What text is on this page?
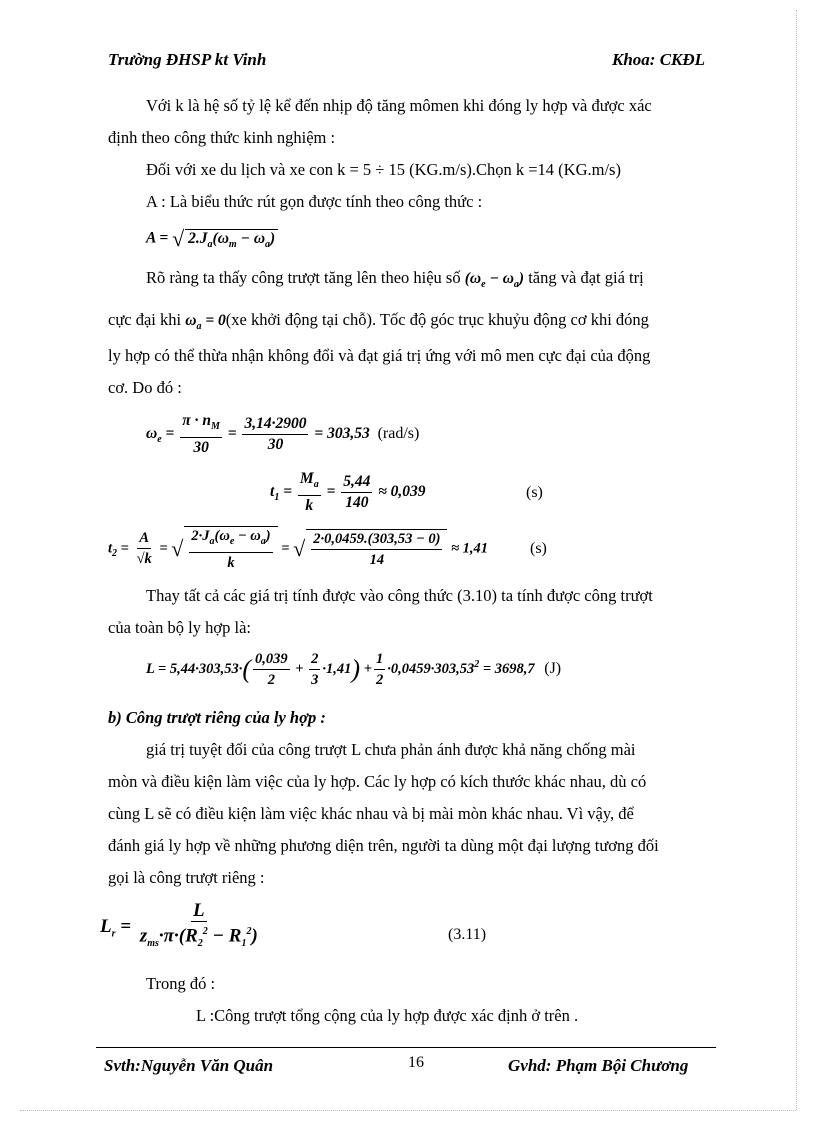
Trường ĐHSP kt Vinh	Khoa: CKĐL
Với k là hệ số tỷ lệ kể đến nhịp độ tăng mômen khi đóng ly hợp và được xác
định theo công thức kinh nghiệm :
Đối với xe du lịch và xe con k = 5 ÷ 15 (KG.m/s).Chọn k =14 (KG.m/s)
A : Là biểu thức rút gọn được tính theo công thức :
A = √ $2.J_a(\omega_m - \omega_a)$
Rõ ràng ta thấy công trượt tăng lên theo hiệu số $(\omega_e - \omega_a)$ tăng và đạt giá trị
cực đại khi $\omega_a = 0(xe$ khởi động tại chỗ). Tốc độ góc trục khuỷu động cơ khi đóng
ly hợp có thể thừa nhận không đổi và đạt giá trị ứng với mô men cực đại của động
cơ. Do đó :
$\omega_e = \frac{\pi \cdot n_M}{30} = \frac{3,14\cdot 2900}{30} = 303,53$ (rad/s)
$t_1 = \frac{M_a}{k} = \frac{5,44}{140} \approx 0,039$	(s)
$t_2 = \frac{A}{√k}$ = √ $\frac{2\cdot J_a(\omega_e - \omega_a)}{k}$ = √ $\frac{2\cdot 0,0459.(303,53 - 0)}{14} \approx 1,41$	(s)
Thay tất cả các giá trị tính được vào công thức (3.10) ta tính được công trượt
của toàn bộ ly hợp là:
$L = 5,44\cdot 303,53\cdot( \frac{0,039}{2} + \frac{2}{3} \cdot 1,41) + \frac{1}{2} \cdot 0,0459\cdot 303,53^2 = 3698,7$ (J)
b) Công trượt riêng của ly hợp :
giá trị tuyệt đối của công trượt L chưa phản ánh được khả năng chống mài
mòn và điều kiện làm việc của ly hợp. Các ly hợp có kích thước khác nhau, dù có
cùng L sẽ có điều kiện làm việc khác nhau và bị mài mòn khác nhau. Vì vậy, để
đánh giá ly hợp về những phương diện trên, người ta dùng một đại lượng tương đối
gọi là công trượt riêng :
$L_r = \frac{L}{z_{ms}\cdot\pi\cdot(R_2^2 - R_1^2)}$	(3.11)
Trong đó :
L :Công trượt tổng cộng của ly hợp được xác định ở trên .
Svth:Nguyễn Văn Quân	16	Gvhd: Phạm Bội Chương
